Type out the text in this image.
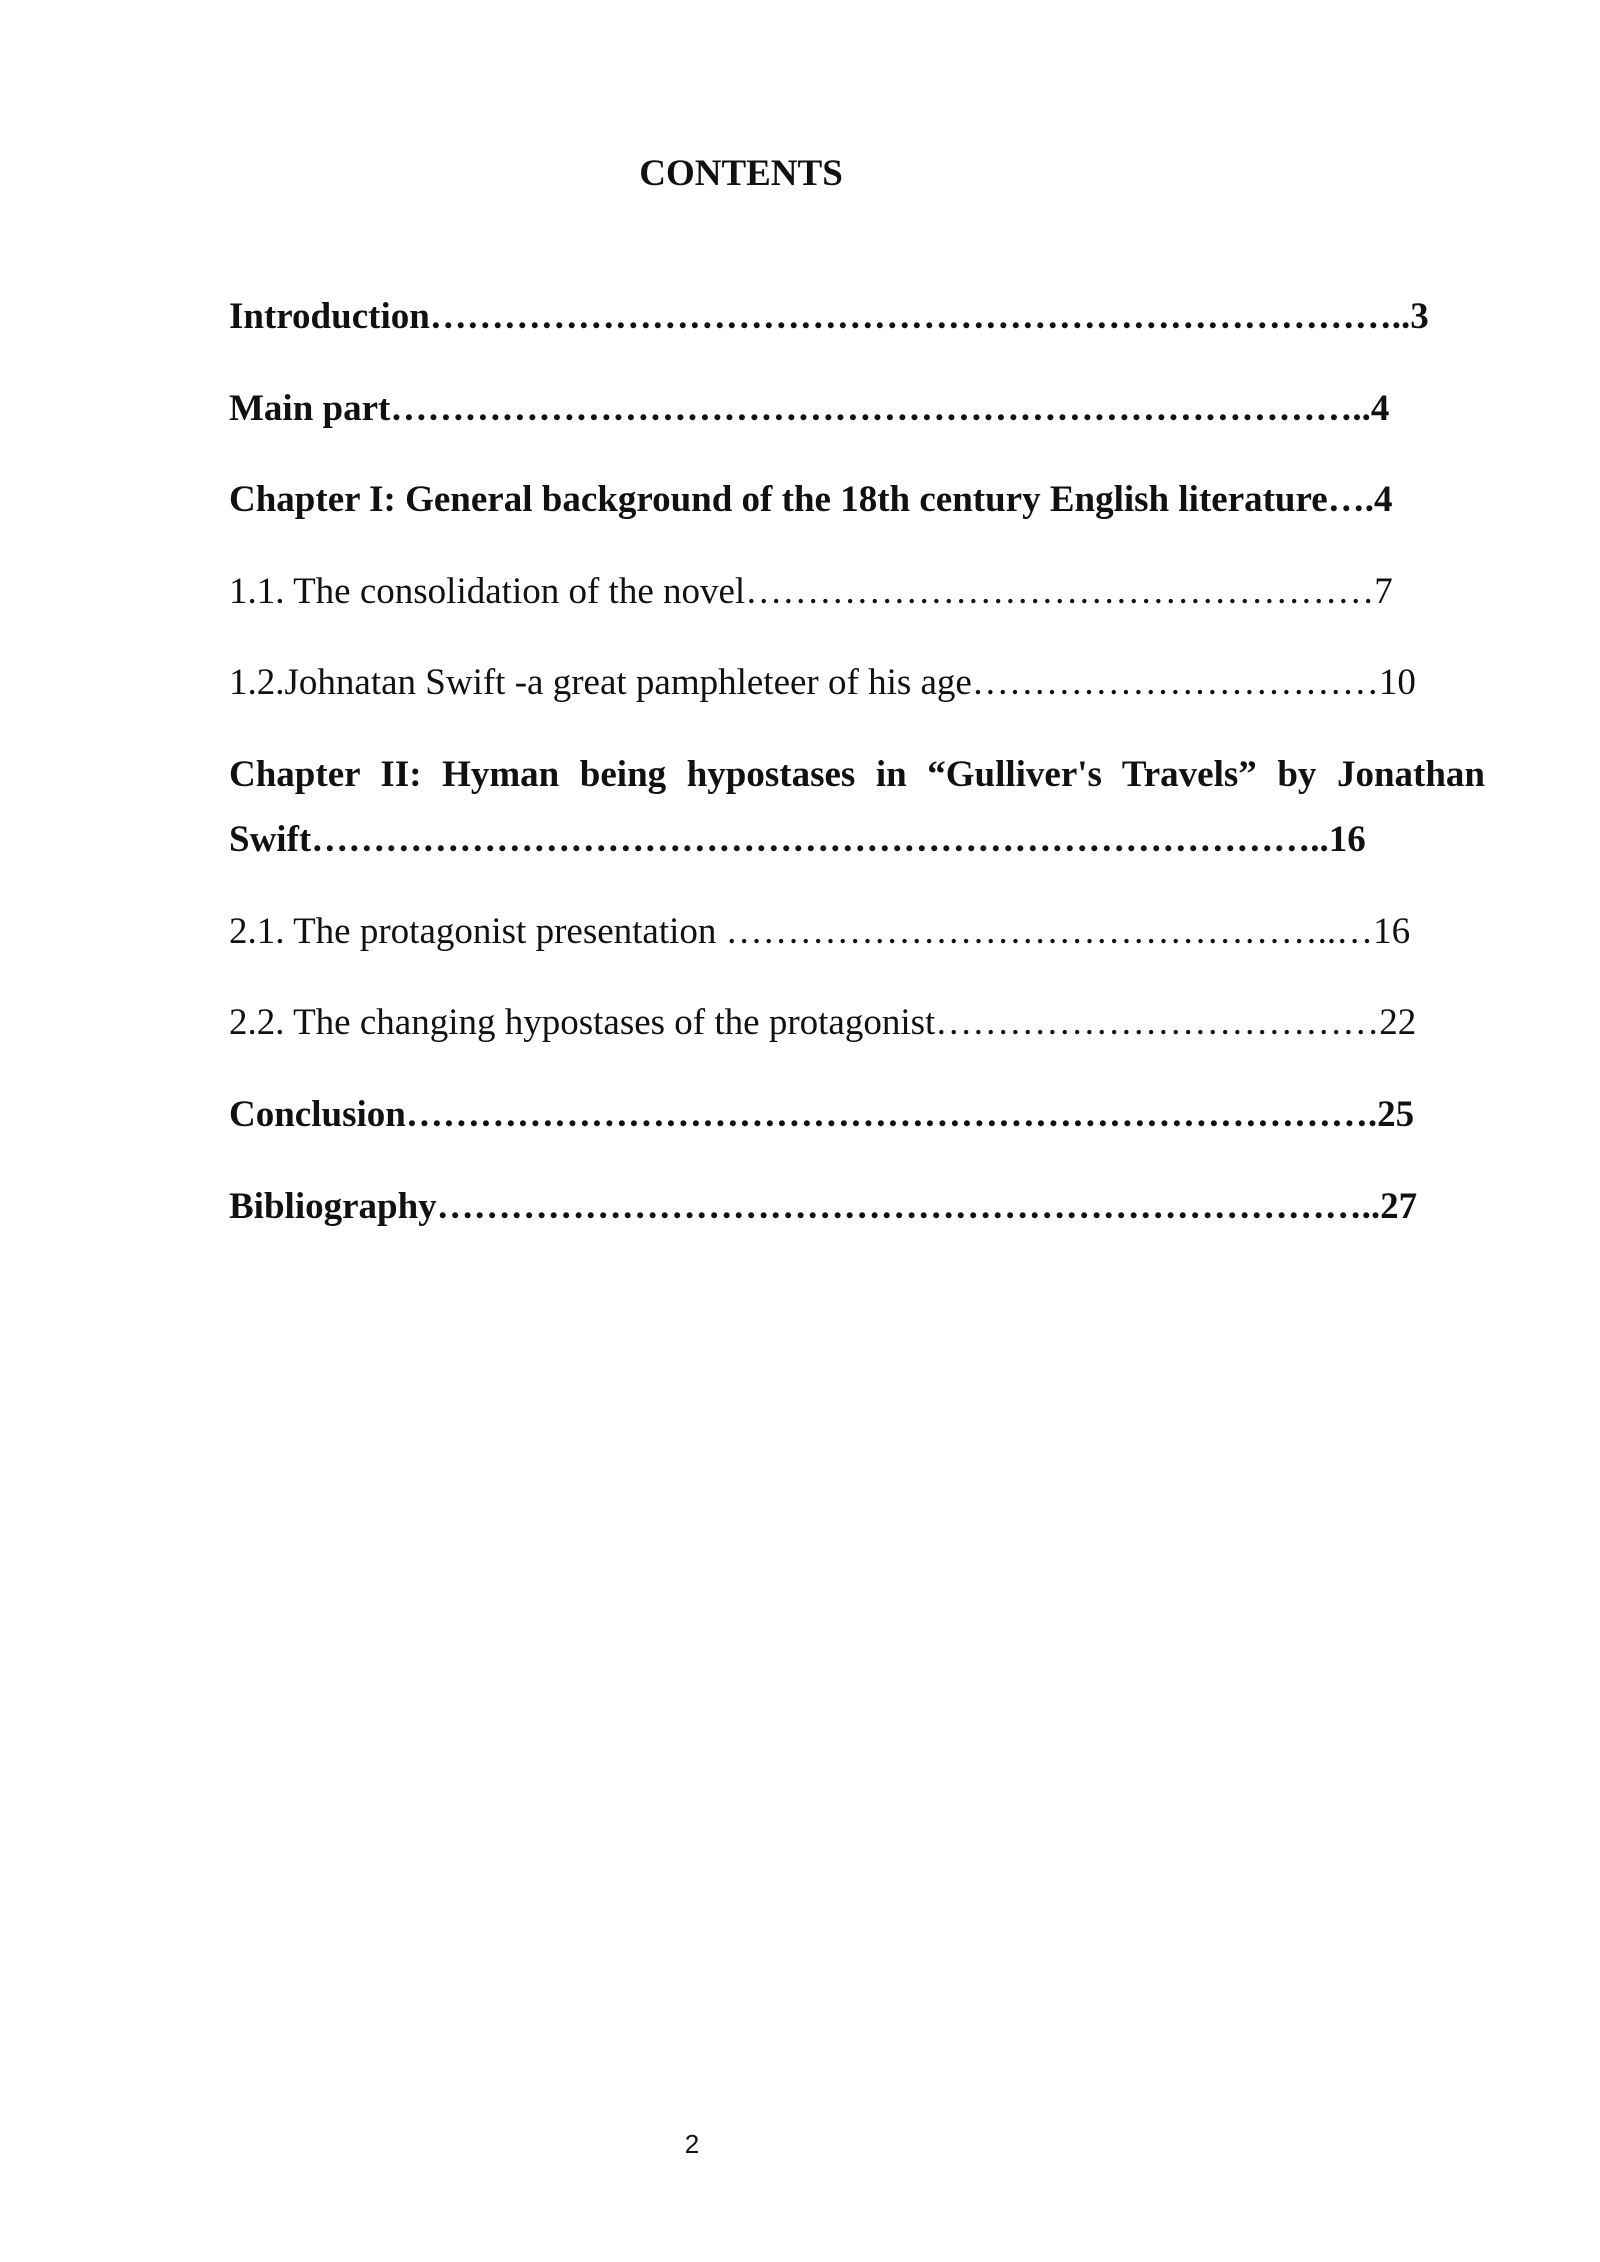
CONTENTS

Introduction……………………………………………………………………..3

Main part……………………………………………………………………..4

Chapter I: General background of the 18th century English literature….4

1.1. The consolidation of the novel……………………………………………7

1.2.Johnatan Swift -a great pamphleteer of his age……………………………10

Chapter II: Hyman being hypostases in “Gulliver's Travels” by Jonathan

Swift………………………………………………………………………..16

2.1. The protagonist presentation …………………………………………..…16

2.2. The changing hypostases of the protagonist………………………………22

Conclusion…………………………………………………………………….25

Bibliography…………………………………………………………………..27

2
